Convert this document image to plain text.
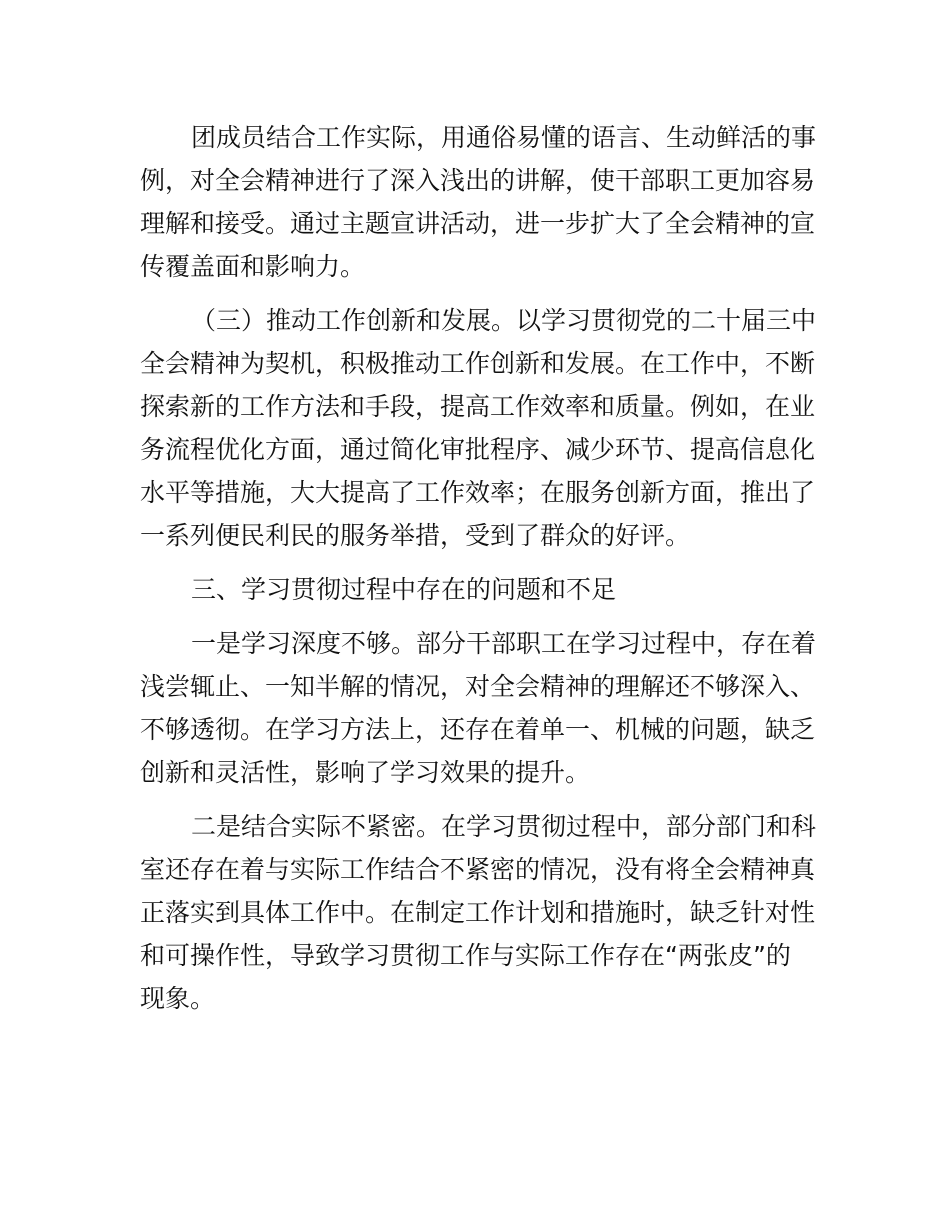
团成员结合工作实际，用通俗易懂的语言、生动鲜活的事
例，对全会精神进行了深入浅出的讲解，使干部职工更加容易
理解和接受。通过主题宣讲活动，进一步扩大了全会精神的宣
传覆盖面和影响力。
（三）推动工作创新和发展。以学习贯彻党的二十届三中
全会精神为契机，积极推动工作创新和发展。在工作中，不断
探索新的工作方法和手段，提高工作效率和质量。例如，在业
务流程优化方面，通过简化审批程序、减少环节、提高信息化
水平等措施，大大提高了工作效率；在服务创新方面，推出了
一系列便民利民的服务举措，受到了群众的好评。
三、学习贯彻过程中存在的问题和不足
一是学习深度不够。部分干部职工在学习过程中，存在着
浅尝辄止、一知半解的情况，对全会精神的理解还不够深入、
不够透彻。在学习方法上，还存在着单一、机械的问题，缺乏
创新和灵活性，影响了学习效果的提升。
二是结合实际不紧密。在学习贯彻过程中，部分部门和科
室还存在着与实际工作结合不紧密的情况，没有将全会精神真
正落实到具体工作中。在制定工作计划和措施时，缺乏针对性
和可操作性，导致学习贯彻工作与实际工作存在“两张皮”的
现象。
